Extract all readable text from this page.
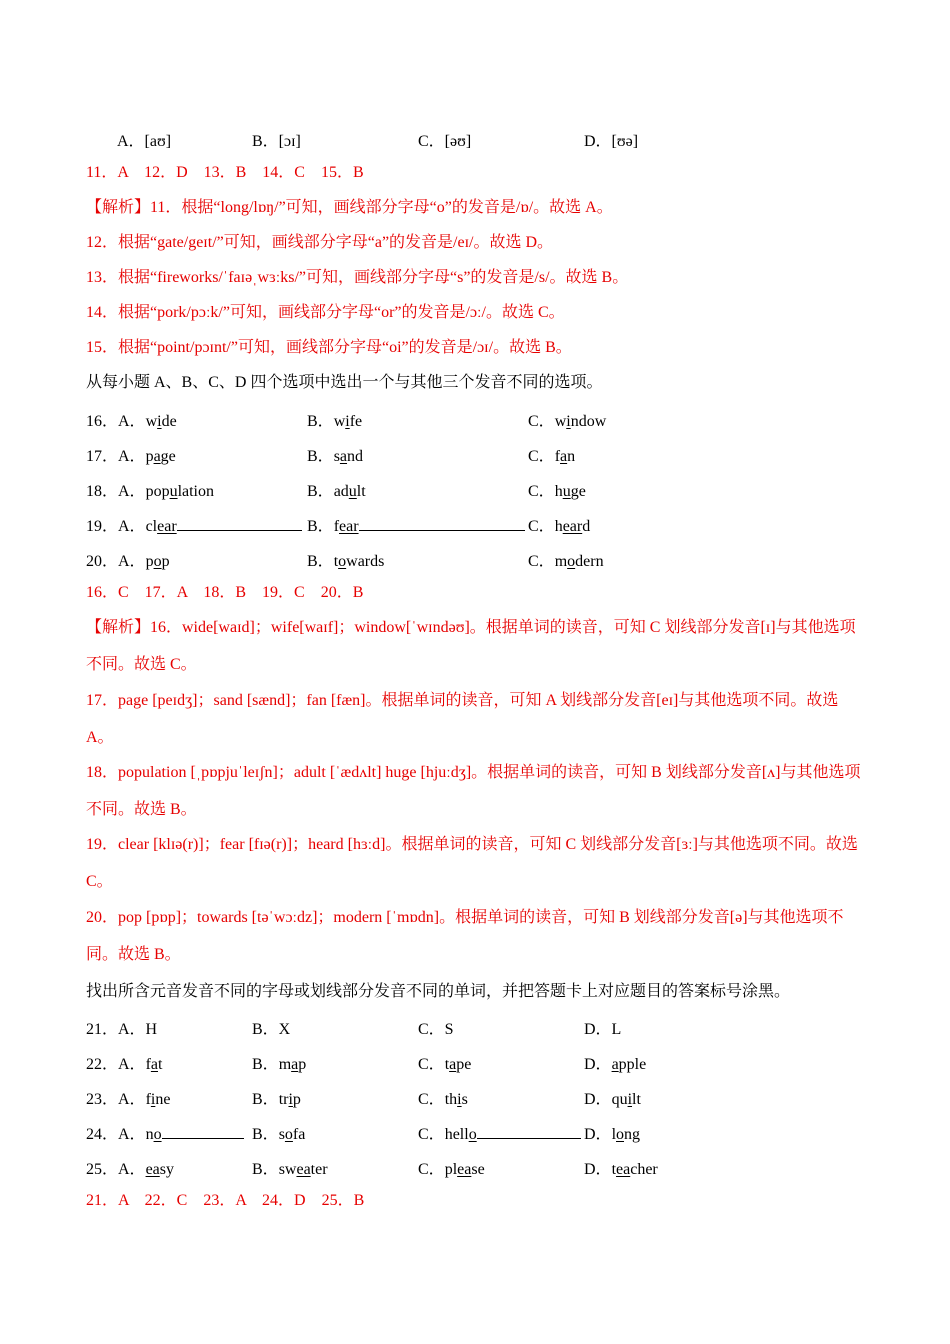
A．[aʊ]	B．[ɔɪ]	C．[əʊ]	D．[ʊə]
11．A　12．D　13．B　14．C　15．B
【解析】11．根据“long/lɒŋ/”可知，画线部分字母“o”的发音是/ɒ/。故选 A。
12．根据“gate/geɪt/”可知，画线部分字母“a”的发音是/eɪ/。故选 D。
13．根据“fireworks/ˈfaɪəˌwɜːks/”可知，画线部分字母“s”的发音是/s/。故选 B。
14．根据“pork/pɔːk/”可知，画线部分字母“or”的发音是/ɔː/。故选 C。
15．根据“point/pɔɪnt/”可知，画线部分字母“oi”的发音是/ɔɪ/。故选 B。
从每小题 A、B、C、D 四个选项中选出一个与其他三个发音不同的选项。
16．A．wide	B．wife	C．window
17．A．page	B．sand	C．fan
18．A．population	B．adult	C．huge
19．A．clear	B．fear	C．heard
20．A．pop	B．towards	C．modern
16．C　17．A　18．B　19．C　20．B
【解析】16．wide[waɪd]；wife[waɪf]；window[ˈwɪndəʊ]。根据单词的读音，可知 C 划线部分发音[ɪ]与其他选项不同。故选 C。
17．page [peɪdʒ]；sand [sænd]；fan [fæn]。根据单词的读音，可知 A 划线部分发音[eɪ]与其他选项不同。故选 A。
18．population [ˌpɒpjuˈleɪʃn]；adult [ˈædʌlt] huge [hjuːdʒ]。根据单词的读音，可知 B 划线部分发音[ʌ]与其他选项不同。故选 B。
19．clear [klɪə(r)]；fear [fɪə(r)]；heard [hɜːd]。根据单词的读音，可知 C 划线部分发音[ɜː]与其他选项不同。故选 C。
20．pop [pɒp]；towards [təˈwɔːdz]；modern [ˈmɒdn]。根据单词的读音，可知 B 划线部分发音[ə]与其他选项不同。故选 B。
找出所含元音发音不同的字母或划线部分发音不同的单词，并把答题卡上对应题目的答案标号涂黑。
21．A．H	B．X	C．S	D．L
22．A．fat	B．map	C．tape	D．apple
23．A．fine	B．trip	C．this	D．quilt
24．A．no	B．sofa	C．hello	D．long
25．A．easy	B．sweater	C．please	D．teacher
21．A　22．C　23．A　24．D　25．B
